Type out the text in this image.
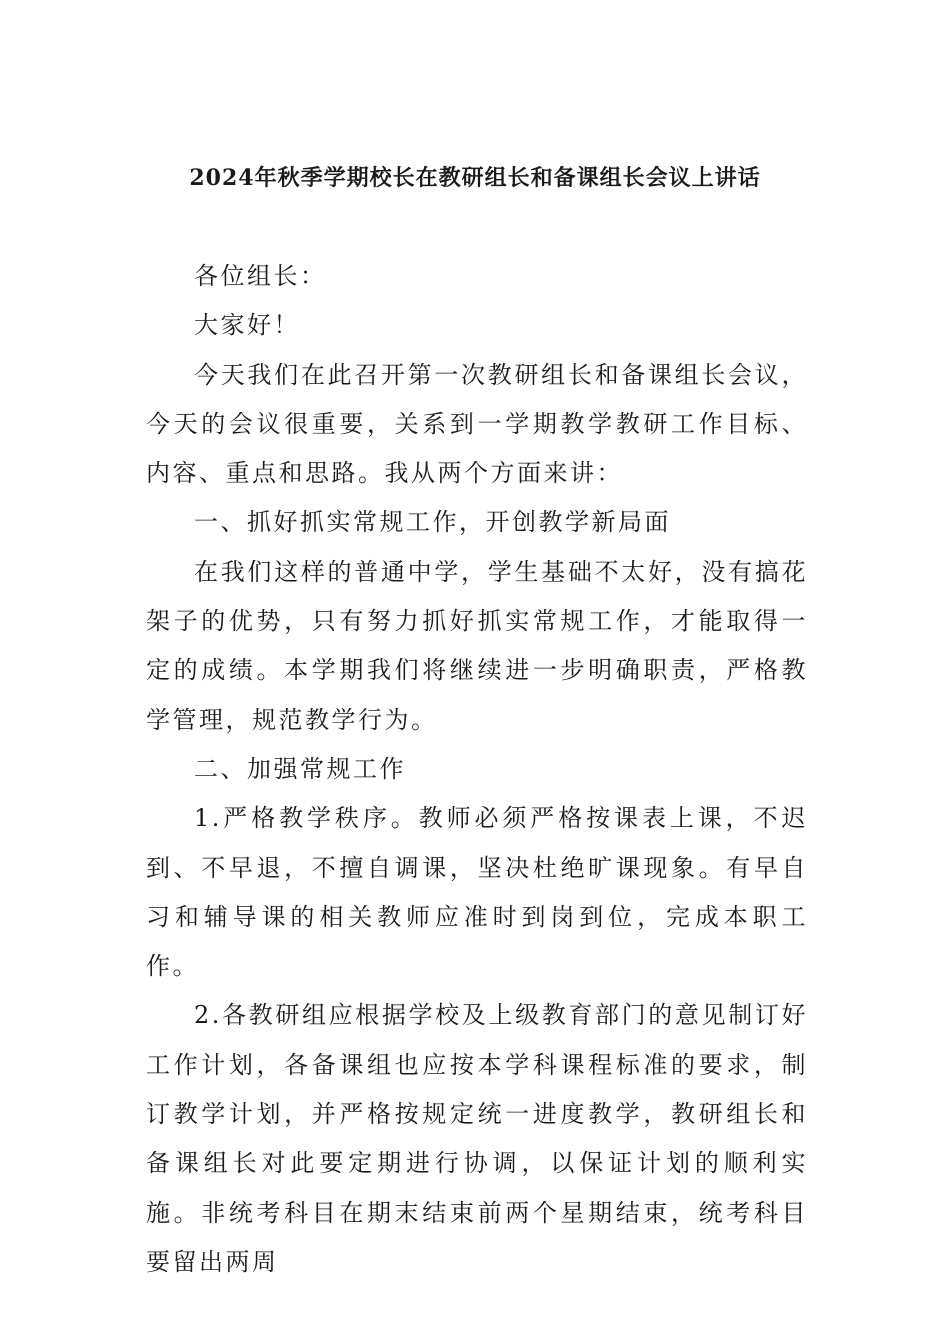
2024年秋季学期校长在教研组长和备课组长会议上讲话

各位组长：

大家好！

今天我们在此召开第一次教研组长和备课组长会议，今天的会议很重要，关系到一学期教学教研工作目标、内容、重点和思路。我从两个方面来讲：

一、抓好抓实常规工作，开创教学新局面

在我们这样的普通中学，学生基础不太好，没有搞花架子的优势，只有努力抓好抓实常规工作，才能取得一定的成绩。本学期我们将继续进一步明确职责，严格教学管理，规范教学行为。

二、加强常规工作

1.严格教学秩序。教师必须严格按课表上课，不迟到、不早退，不擅自调课，坚决杜绝旷课现象。有早自习和辅导课的相关教师应准时到岗到位，完成本职工作。

2.各教研组应根据学校及上级教育部门的意见制订好工作计划，各备课组也应按本学科课程标准的要求，制订教学计划，并严格按规定统一进度教学，教研组长和备课组长对此要定期进行协调，以保证计划的顺利实施。非统考科目在期末结束前两个星期结束，统考科目要留出两周
